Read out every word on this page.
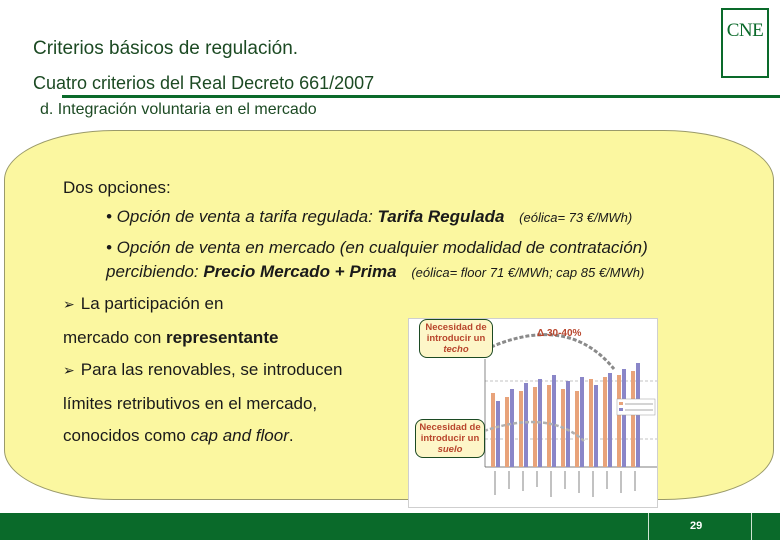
Criterios básicos de regulación.
Cuatro criterios del Real Decreto 661/2007
d. Integración voluntaria en el mercado
CNE
Dos opciones:
• Opción de venta a tarifa regulada: Tarifa Regulada (eólica= 73 €/MWh)
• Opción de venta en mercado (en cualquier modalidad de contratación)
percibiendo: Precio Mercado + Prima (eólica= floor 71 €/MWh; cap 85 €/MWh)
➢ La participación en
mercado con representante
➢ Para las renovables, se introducen
límites retributivos en el mercado,
conocidos como cap and floor.
Necesidad de
introducir un
techo
Δ 30-40%
Necesidad de
introducir un
suelo
29
